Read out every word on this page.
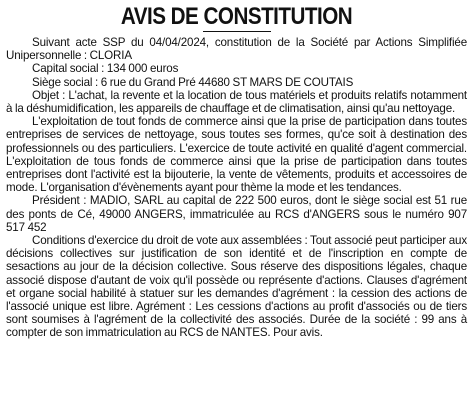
AVIS DE CONSTITUTION

Suivant acte SSP du 04/04/2024, constitution de la Société par Actions Simplifiée Unipersonnelle : CLORIA

Capital social : 134 000 euros

Siège social : 6 rue du Grand Pré 44680 ST MARS DE COUTAIS

Objet : L'achat, la revente et la location de tous matériels et produits relatifs notamment à la déshumidification, les appareils de chauffage et de climatisation, ainsi qu'au nettoyage.

L'exploitation de tout fonds de commerce ainsi que la prise de participation dans toutes entreprises de services de nettoyage, sous toutes ses formes, qu'ce soit à destination des professionnels ou des particuliers. L'exercice de toute activité en qualité d'agent commercial. L'exploitation de tous fonds de commerce ainsi que la prise de participation dans toutes entreprises dont l'activité est la bijouterie, la vente de vêtements, produits et accessoires de mode. L'organisation d'évènements ayant pour thème la mode et les tendances.

Président : MADIO, SARL au capital de 222 500 euros, dont le siège social est 51 rue des ponts de Cé, 49000 ANGERS, immatriculée au RCS d'ANGERS sous le numéro 907 517 452

Conditions d'exercice du droit de vote aux assemblées : Tout associé peut participer aux décisions collectives sur justification de son identité et de l'inscription en compte de sesactions au jour de la décision collective. Sous réserve des dispositions légales, chaque associé dispose d'autant de voix qu'il possède ou représente d'actions. Clauses d'agrément et organe social habilité à statuer sur les demandes d'agrément : la cession des actions de l'associé unique est libre. Agrément : Les cessions d'actions au profit d'associés ou de tiers sont soumises à l'agrément de la collectivité des associés. Durée de la société : 99 ans à compter de son immatriculation au RCS de NANTES. Pour avis.
